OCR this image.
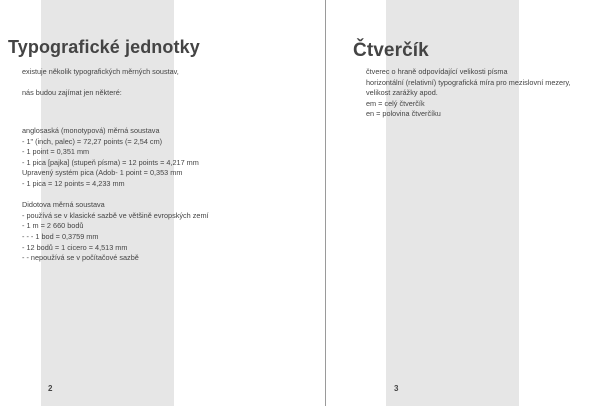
Typografické jednotky
existuje několik typografických měrných soustav,
nás budou zajímat jen některé:
anglosaská (monotypová) měrná soustava
- 1" (inch, palec) = 72,27 points (= 2,54 cm)
- 1 point = 0,351 mm
- 1 pica [pajka] (stupeň písma) = 12 points = 4,217 mm
Upravený systém pica (Adob- 1 point = 0,353 mm
- 1 pica = 12 points = 4,233 mm
Didotova měrná soustava
- používá se v klasické sazbě ve většině evropských zemí
- 1 m = 2 660 bodů
- - - 1 bod = 0,3759 mm
- 12 bodů = 1 cicero = 4,513 mm
- - nepoužívá se v počítačové sazbě
2
Čtverčík
čtverec o hraně odpovídající velikosti písma
horizontální (relativní) typografická míra pro mezislovní mezery,
velikost zarážky apod.
em = celý čtverčík
en = polovina čtverčíku
3
